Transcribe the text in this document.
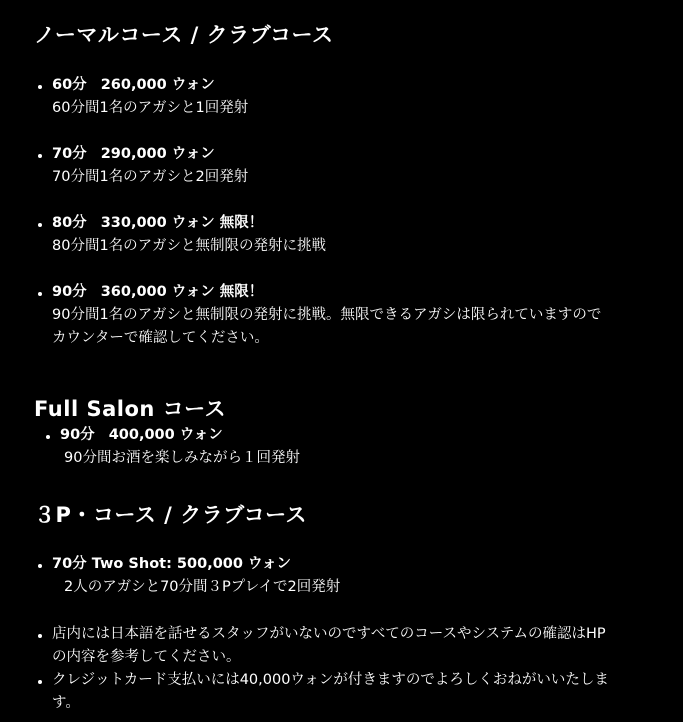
ノーマルコース / クラブコース
60分 260,000 ウォン
60分間1名のアガシと1回発射
70分 290,000 ウォン
70分間1名のアガシと2回発射
80分 330,000 ウォン 無限！
80分間1名のアガシと無制限の発射に挑戦
90分 360,000 ウォン 無限！
90分間1名のアガシと無制限の発射に挑戦。無限できるアガシは限られていますので
カウンターで確認してください。
Full Salon コース
90分 400,000 ウォン
90分間お酒を楽しみながら１回発射
３P・コース / クラブコース
70分 Two Shot: 500,000 ウォン
2人のアガシと70分間３Pプレイで2回発射
店内には日本語を話せるスタッフがいないのですべてのコースやシステムの確認はHP
の内容を参考してください。
クレジットカード支払いには40,000ウォンが付きますのでよろしくおねがいいたしま
す。
